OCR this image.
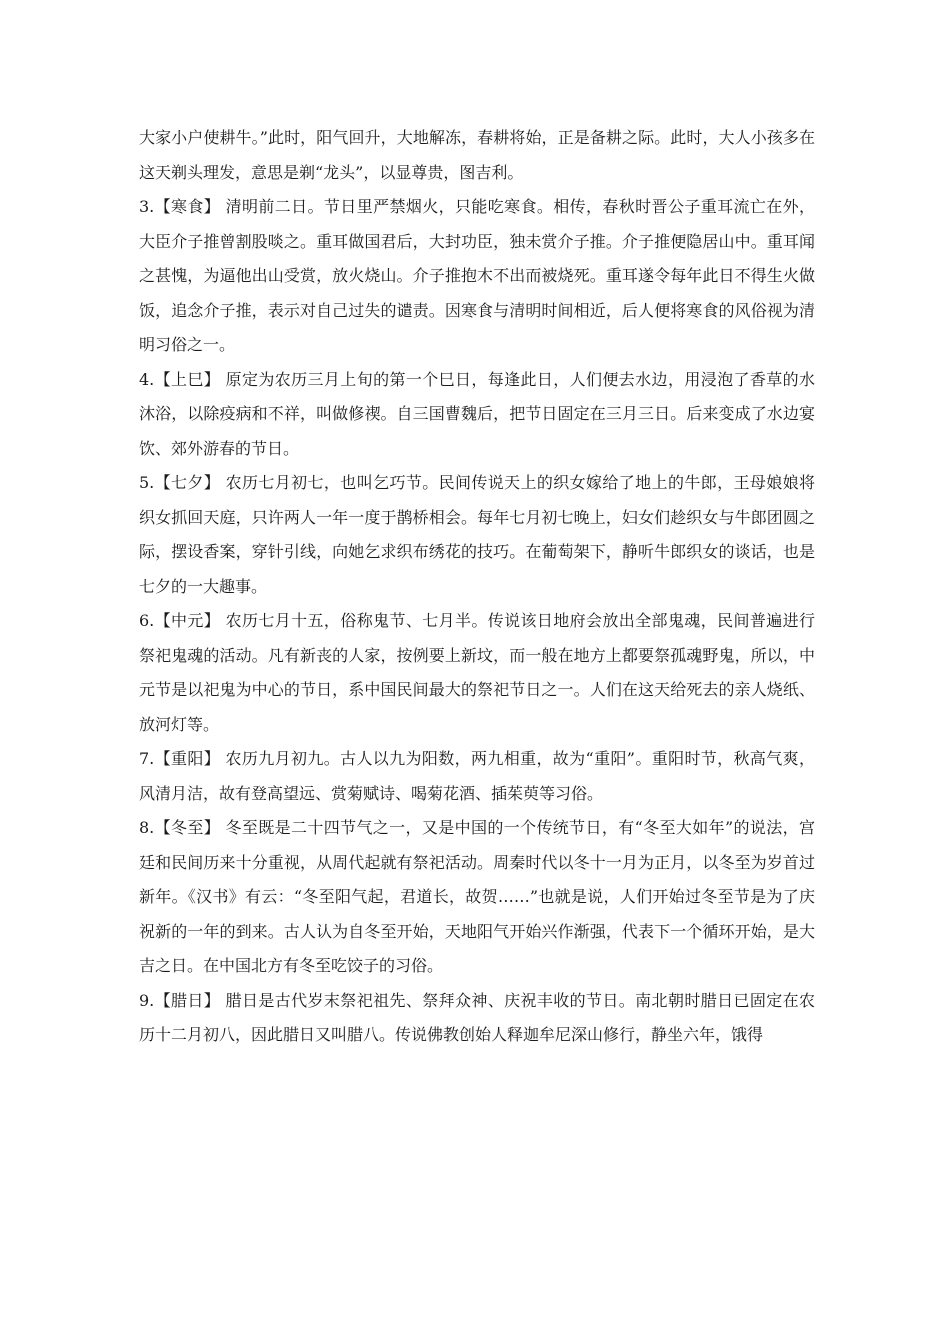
大家小户使耕牛。”此时，阳气回升，大地解冻，春耕将始，正是备耕之际。此时，大人小孩多在这天剃头理发，意思是剃“龙头”，以显尊贵，图吉利。

3.【寒食】 清明前二日。节日里严禁烟火，只能吃寒食。相传，春秋时晋公子重耳流亡在外，大臣介子推曾割股啖之。重耳做国君后，大封功臣，独未赏介子推。介子推便隐居山中。重耳闻之甚愧，为逼他出山受赏，放火烧山。介子推抱木不出而被烧死。重耳遂令每年此日不得生火做饭，追念介子推，表示对自己过失的谴责。因寒食与清明时间相近，后人便将寒食的风俗视为清明习俗之一。

4.【上巳】 原定为农历三月上旬的第一个巳日，每逢此日，人们便去水边，用浸泡了香草的水沐浴，以除疫病和不祥，叫做修禊。自三国曹魏后，把节日固定在三月三日。后来变成了水边宴饮、郊外游春的节日。

5.【七夕】 农历七月初七，也叫乞巧节。民间传说天上的织女嫁给了地上的牛郎，王母娘娘将织女抓回天庭，只许两人一年一度于鹊桥相会。每年七月初七晚上，妇女们趁织女与牛郎团圆之际，摆设香案，穿针引线，向她乞求织布绣花的技巧。在葡萄架下，静听牛郎织女的谈话，也是七夕的一大趣事。

6.【中元】 农历七月十五，俗称鬼节、七月半。传说该日地府会放出全部鬼魂，民间普遍进行祭祀鬼魂的活动。凡有新丧的人家，按例要上新坟，而一般在地方上都要祭孤魂野鬼，所以，中元节是以祀鬼为中心的节日，系中国民间最大的祭祀节日之一。人们在这天给死去的亲人烧纸、放河灯等。

7.【重阳】 农历九月初九。古人以九为阳数，两九相重，故为“重阳”。重阳时节，秋高气爽，风清月洁，故有登高望远、赏菊赋诗、喝菊花酒、插茱萸等习俗。

8.【冬至】 冬至既是二十四节气之一，又是中国的一个传统节日，有“冬至大如年”的说法，宫廷和民间历来十分重视，从周代起就有祭祀活动。周秦时代以冬十一月为正月，以冬至为岁首过新年。《汉书》有云：“冬至阳气起，君道长，故贺……”也就是说，人们开始过冬至节是为了庆祝新的一年的到来。古人认为自冬至开始，天地阳气开始兴作渐强，代表下一个循环开始，是大吉之日。在中国北方有冬至吃饺子的习俗。

9.【腊日】 腊日是古代岁末祭祀祖先、祭拜众神、庆祝丰收的节日。南北朝时腊日已固定在农历十二月初八，因此腊日又叫腊八。传说佛教创始人释迦牟尼深山修行，静坐六年，饿得
